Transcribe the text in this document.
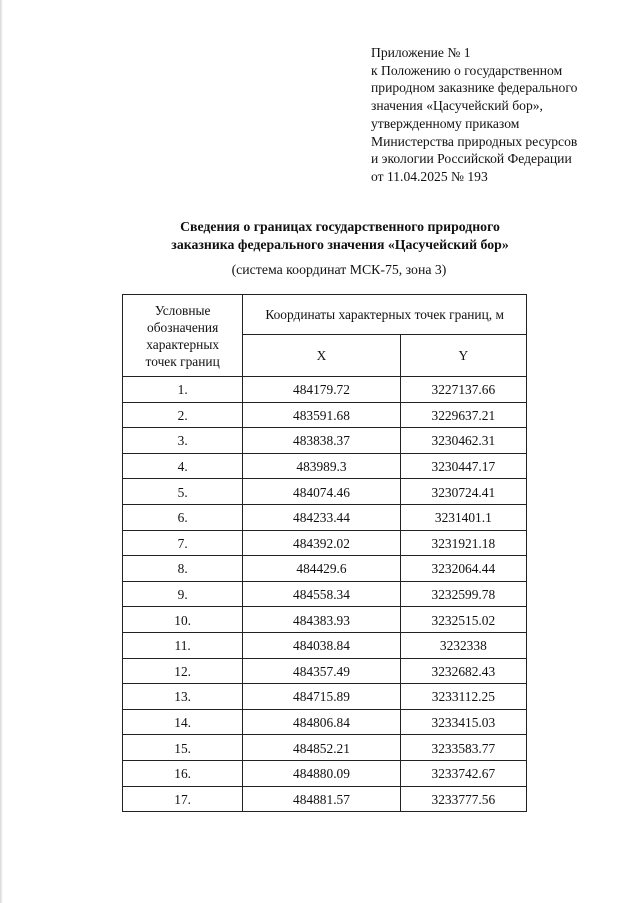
Приложение № 1
к Положению о государственном
природном заказнике федерального
значения «Цасучейский бор»,
утвержденному приказом
Министерства природных ресурсов
и экологии Российской Федерации
от 11.04.2025 № 193
Сведения о границах государственного природного
заказника федерального значения «Цасучейский бор»
(система координат МСК-75, зона 3)
Условные
обозначения
характерных
точек границ	Координаты характерных точек границ, м	
	X	Y
1.	484179.72	3227137.66
2.	483591.68	3229637.21
3.	483838.37	3230462.31
4.	483989.3	3230447.17
5.	484074.46	3230724.41
6.	484233.44	3231401.1
7.	484392.02	3231921.18
8.	484429.6	3232064.44
9.	484558.34	3232599.78
10.	484383.93	3232515.02
11.	484038.84	3232338
12.	484357.49	3232682.43
13.	484715.89	3233112.25
14.	484806.84	3233415.03
15.	484852.21	3233583.77
16.	484880.09	3233742.67
17.	484881.57	3233777.56
